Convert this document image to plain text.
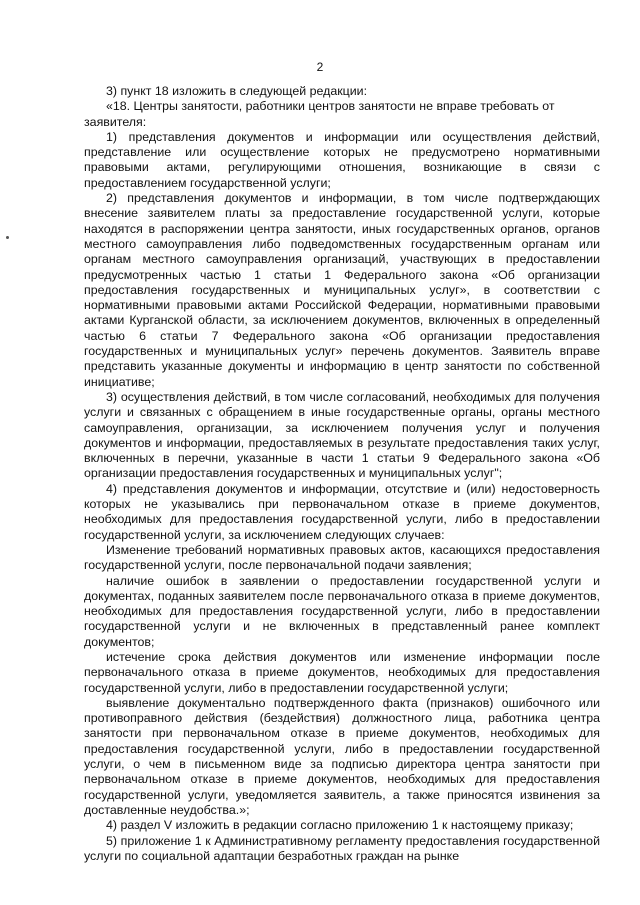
2

3) пункт 18 изложить в следующей редакции:

«18. Центры занятости, работники центров занятости не вправе требовать от

заявителя:

1) представления документов и информации или осуществления действий, представление или осуществление которых не предусмотрено нормативными правовыми актами, регулирующими отношения, возникающие в связи с предоставлением государственной услуги;

2) представления документов и информации, в том числе подтверждающих внесение заявителем платы за предоставление государственной услуги, которые находятся в распоряжении центра занятости, иных государственных органов, органов местного самоуправления либо подведомственных государственным органам или органам местного самоуправления организаций, участвующих в предоставлении предусмотренных частью 1 статьи 1 Федерального закона «Об организации предоставления государственных и муниципальных услуг», в соответствии с нормативными правовыми актами Российской Федерации, нормативными правовыми актами Курганской области, за исключением документов, включенных в определенный частью 6 статьи 7 Федерального закона «Об организации предоставления государственных и муниципальных услуг» перечень документов. Заявитель вправе представить указанные документы и информацию в центр занятости по собственной инициативе;

3) осуществления действий, в том числе согласований, необходимых для получения услуги и связанных с обращением в иные государственные органы, органы местного самоуправления, организации, за исключением получения услуг и получения документов и информации, предоставляемых в результате предоставления таких услуг, включенных в перечни, указанные в части 1 статьи 9 Федерального закона «Об организации предоставления государственных и муниципальных услуг";

4) представления документов и информации, отсутствие и (или) недостоверность которых не указывались при первоначальном отказе в приеме документов, необходимых для предоставления государственной услуги, либо в предоставлении государственной услуги, за исключением следующих случаев:

Изменение требований нормативных правовых актов, касающихся предоставления государственной услуги, после первоначальной подачи заявления;

наличие ошибок в заявлении о предоставлении государственной услуги и документах, поданных заявителем после первоначального отказа в приеме документов, необходимых для предоставления государственной услуги, либо в предоставлении государственной услуги и не включенных в представленный ранее комплект документов;

истечение срока действия документов или изменение информации после первоначального отказа в приеме документов, необходимых для предоставления государственной услуги, либо в предоставлении государственной услуги;

выявление документально подтвержденного факта (признаков) ошибочного или противоправного действия (бездействия) должностного лица, работника центра занятости при первоначальном отказе в приеме документов, необходимых для предоставления государственной услуги, либо в предоставлении государственной услуги, о чем в письменном виде за подписью директора центра занятости при первоначальном отказе в приеме документов, необходимых для предоставления государственной услуги, уведомляется заявитель, а также приносятся извинения за доставленные неудобства.»;

4) раздел V изложить в редакции согласно приложению 1 к настоящему приказу;

5) приложение 1 к Административному регламенту предоставления государственной услуги по социальной адаптации безработных граждан на рынке
